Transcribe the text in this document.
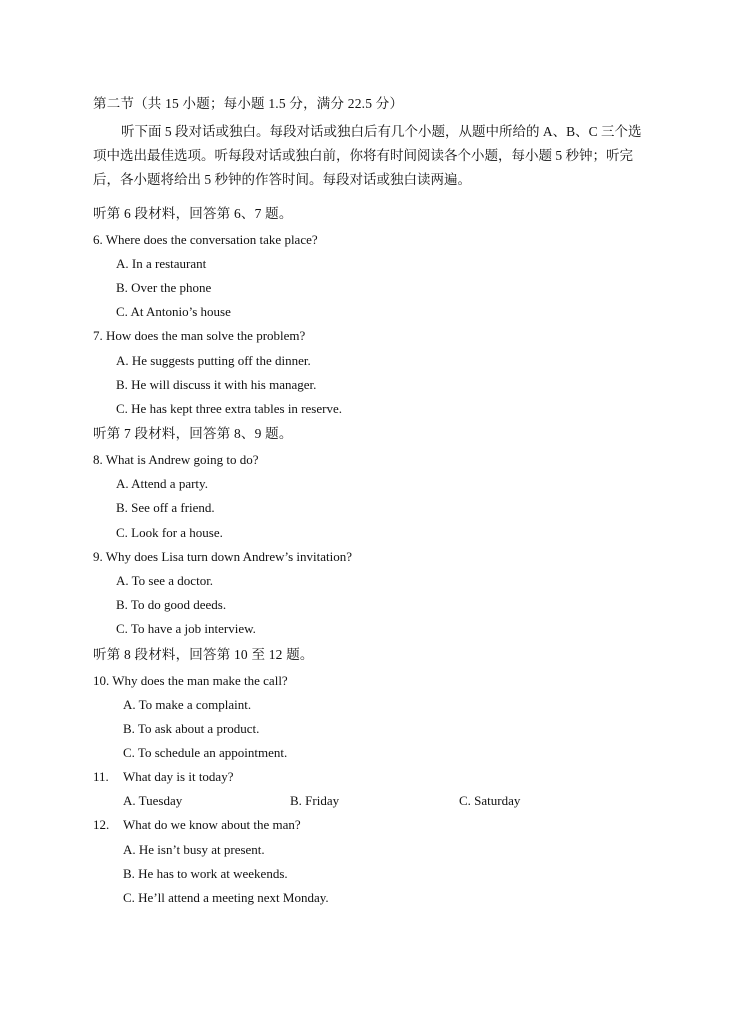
第二节（共 15 小题；每小题 1.5 分，满分 22.5 分）
听下面 5 段对话或独白。每段对话或独白后有几个小题，从题中所给的 A、B、C 三个选项中选出最佳选项。听每段对话或独白前，你将有时间阅读各个小题，每小题 5 秒钟；听完后，各小题将给出 5 秒钟的作答时间。每段对话或独白读两遍。
听第 6 段材料，回答第 6、7 题。
6. Where does the conversation take place?
A. In a restaurant
B. Over the phone
C. At Antonio’s house
7. How does the man solve the problem?
A. He suggests putting off the dinner.
B. He will discuss it with his manager.
C. He has kept three extra tables in reserve.
听第 7 段材料，回答第 8、9 题。
8. What is Andrew going to do?
A. Attend a party.
B. See off a friend.
C. Look for a house.
9. Why does Lisa turn down Andrew’s invitation?
A. To see a doctor.
B. To do good deeds.
C. To have a job interview.
听第 8 段材料，回答第 10 至 12 题。
10. Why does the man make the call?
A. To make a complaint.
B. To ask about a product.
C. To schedule an appointment.
11. What day is it today?
A. Tuesday	B. Friday	C. Saturday
12. What do we know about the man?
A. He isn’t busy at present.
B. He has to work at weekends.
C. He’ll attend a meeting next Monday.
